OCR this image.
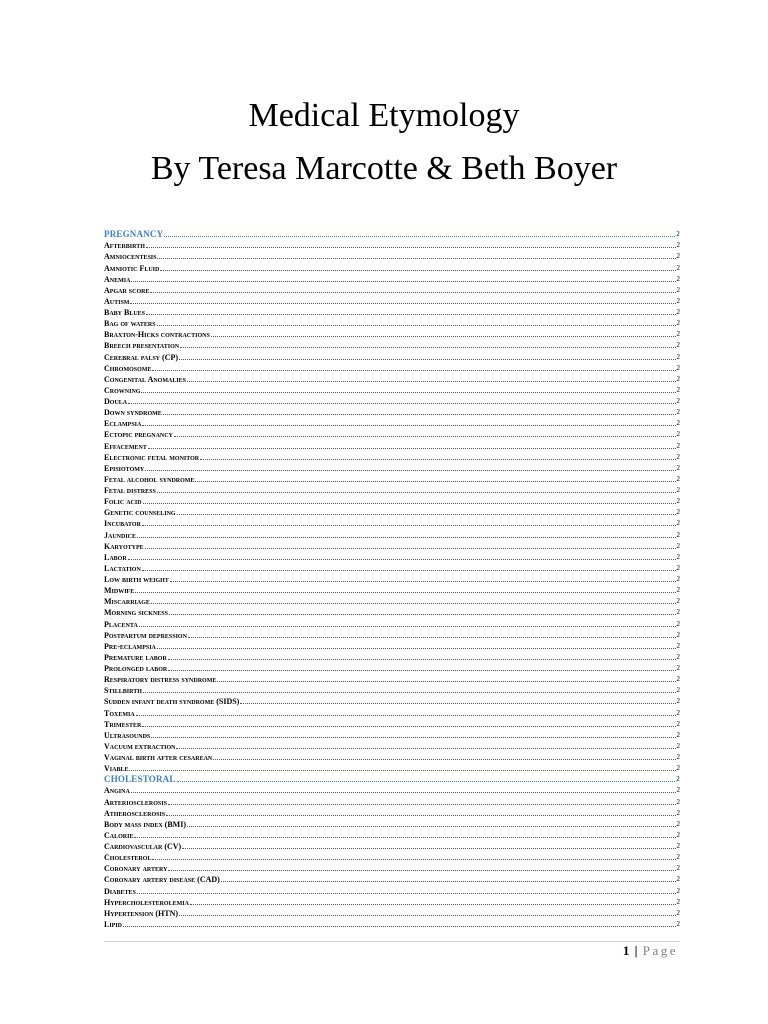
Medical Etymology
By Teresa Marcotte & Beth Boyer
PREGNANCY	2
Afterbirth	2
Amniocentesis	2
Amniotic Fluid	2
Anemia	2
Apgar score	2
Autism	2
Baby Blues	2
Bag of waters	2
Braxton-Hicks contractions	2
Breech presentation	2
Cerebral palsy (CP)	2
Chromosome	2
Congenital Anomalies	2
Crowning	2
Doula	2
Down syndrome	2
Eclampsia	2
Ectopic pregnancy	2
Effacement	2
Electronic fetal monitor	2
Episiotomy	2
Fetal alcohol syndrome	2
Fetal distress	2
Folic acid	2
Genetic counseling	2
Incubator	2
Jaundice	2
Karyotype	2
Labor	2
Lactation	2
Low birth weight	2
Midwife	2
Miscarriage	2
Morning sickness	2
Placenta	2
Postpartum depression	2
Pre-eclampsia	2
Premature labor	2
Prolonged labor	2
Respiratory distress syndrome	2
Stillbirth	2
Sudden infant death syndrome (SIDS)	2
Toxemia	2
Trimester	2
Ultrasounds	2
Vacuum extraction	2
Vaginal birth after cesarean	2
Viable	2
CHOLESTORAL	2
Angina	2
Arteriosclerosis	2
Atherosclerosis	2
Body mass index (BMI)	2
Calorie	2
Cardiovascular (CV)	2
Cholesterol	2
Coronary artery	2
Coronary artery disease (CAD)	2
Diabetes	2
Hypercholesterolemia	2
Hypertension (HTN)	2
Lipid	2
1 | Page
